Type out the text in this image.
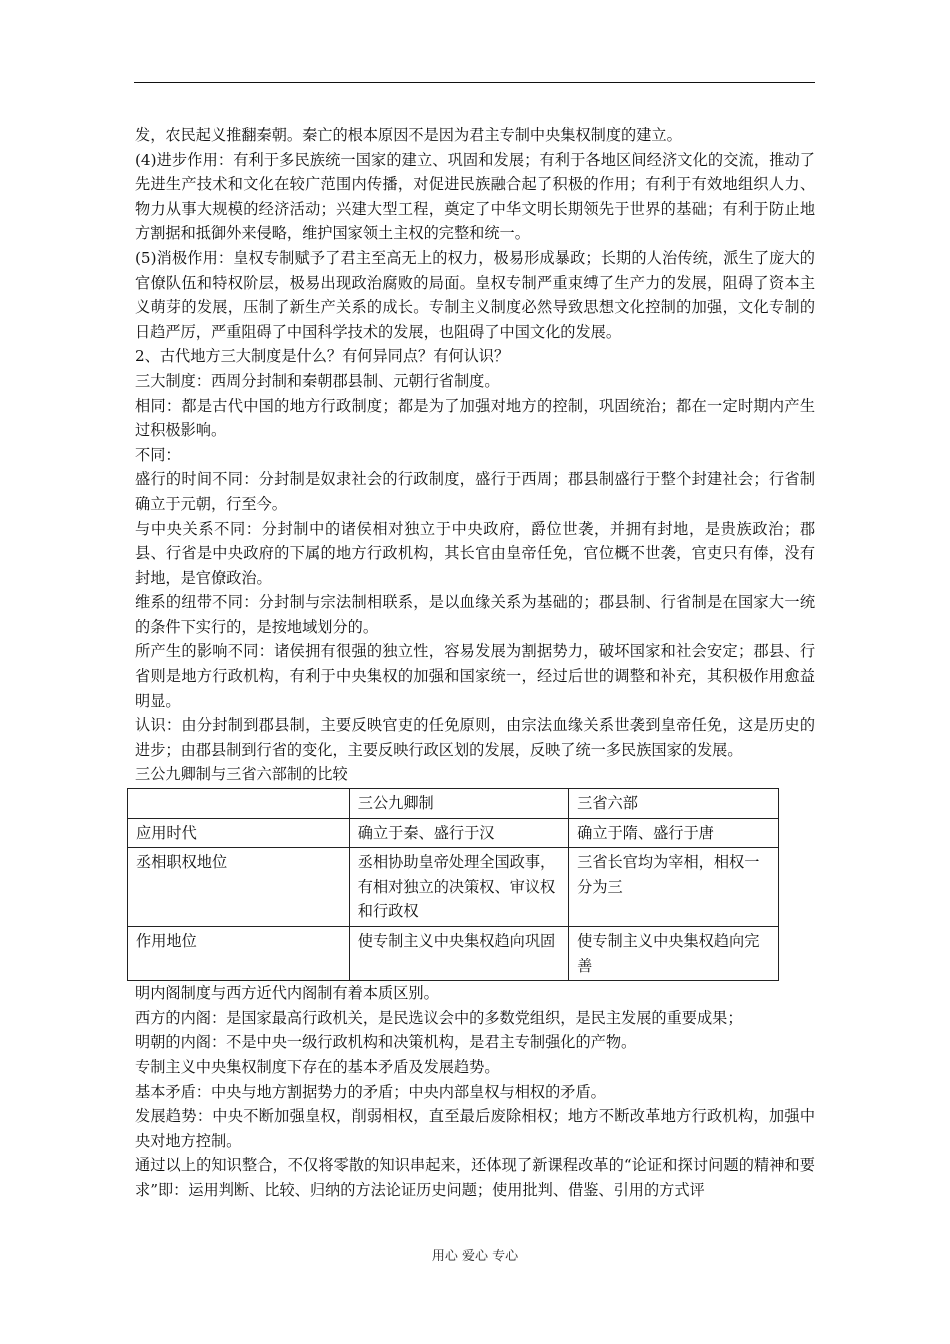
发，农民起义推翻秦朝。秦亡的根本原因不是因为君主专制中央集权制度的建立。

(4)进步作用：有利于多民族统一国家的建立、巩固和发展；有利于各地区间经济文化的交流，推动了先进生产技术和文化在较广范围内传播，对促进民族融合起了积极的作用；有利于有效地组织人力、物力从事大规模的经济活动；兴建大型工程，奠定了中华文明长期领先于世界的基础；有利于防止地方割据和抵御外来侵略，维护国家领土主权的完整和统一。

(5)消极作用：皇权专制赋予了君主至高无上的权力，极易形成暴政；长期的人治传统，派生了庞大的官僚队伍和特权阶层，极易出现政治腐败的局面。皇权专制严重束缚了生产力的发展，阻碍了资本主义萌芽的发展，压制了新生产关系的成长。专制主义制度必然导致思想文化控制的加强，文化专制的日趋严厉，严重阻碍了中国科学技术的发展，也阻碍了中国文化的发展。

2、古代地方三大制度是什么？有何异同点？有何认识？

三大制度：西周分封制和秦朝郡县制、元朝行省制度。

相同：都是古代中国的地方行政制度；都是为了加强对地方的控制，巩固统治；都在一定时期内产生过积极影响。

不同：

盛行的时间不同：分封制是奴隶社会的行政制度，盛行于西周；郡县制盛行于整个封建社会；行省制确立于元朝，行至今。

与中央关系不同：分封制中的诸侯相对独立于中央政府，爵位世袭，并拥有封地，是贵族政治；郡县、行省是中央政府的下属的地方行政机构，其长官由皇帝任免，官位概不世袭，官吏只有俸，没有封地，是官僚政治。

维系的纽带不同：分封制与宗法制相联系，是以血缘关系为基础的；郡县制、行省制是在国家大一统的条件下实行的，是按地域划分的。

所产生的影响不同：诸侯拥有很强的独立性，容易发展为割据势力，破坏国家和社会安定；郡县、行省则是地方行政机构，有利于中央集权的加强和国家统一，经过后世的调整和补充，其积极作用愈益明显。

认识：由分封制到郡县制，主要反映官吏的任免原则，由宗法血缘关系世袭到皇帝任免，这是历史的进步；由郡县制到行省的变化，主要反映行政区划的发展，反映了统一多民族国家的发展。

三公九卿制与三省六部制的比较

	三公九卿制	三省六部
应用时代	确立于秦、盛行于汉	确立于隋、盛行于唐
丞相职权地位	丞相协助皇帝处理全国政事，有相对独立的决策权、审议权和行政权	三省长官均为宰相，相权一分为三
作用地位	使专制主义中央集权趋向巩固	使专制主义中央集权趋向完善

明内阁制度与西方近代内阁制有着本质区别。

西方的内阁：是国家最高行政机关，是民选议会中的多数党组织，是民主发展的重要成果；

明朝的内阁：不是中央一级行政机构和决策机构，是君主专制强化的产物。

专制主义中央集权制度下存在的基本矛盾及发展趋势。

基本矛盾：中央与地方割据势力的矛盾；中央内部皇权与相权的矛盾。

发展趋势：中央不断加强皇权，削弱相权，直至最后废除相权；地方不断改革地方行政机构，加强中央对地方控制。

通过以上的知识整合，不仅将零散的知识串起来，还体现了新课程改革的“论证和探讨问题的精神和要求”即：运用判断、比较、归纳的方法论证历史问题；使用批判、借鉴、引用的方式评

用心 爱心 专心
